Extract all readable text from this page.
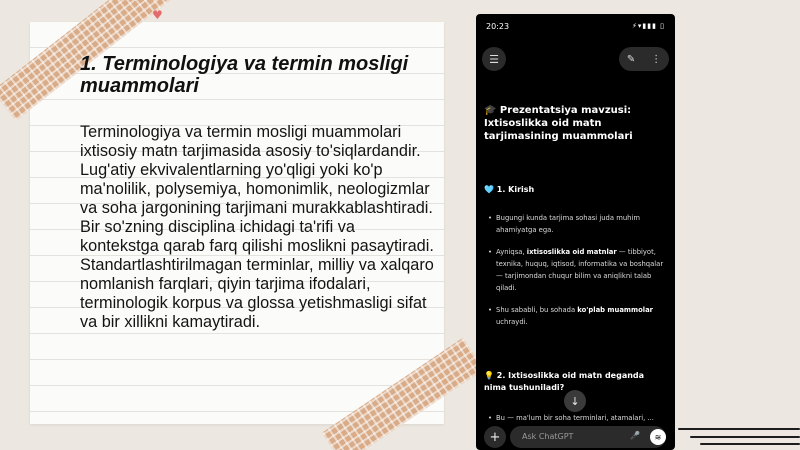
♥
1. Terminologiya va termin mosligi muammolari
Terminologiya va termin mosligi muammolari ixtisosiy matn tarjimasida asosiy to'siqlardandir. Lug'atiy ekvivalentlarning yo'qligi yoki ko'p ma'nolilik, polysemiya, homonimlik, neologizmlar va soha jargonining tarjimani murakkablashtiradi. Bir so'zning disciplina ichidagi ta'rifi va kontekstga qarab farq qilishi moslikni pasaytiradi. Standartlashtirilmagan terminlar, milliy va xalqaro nomlanish farqlari, qiyin tarjima ifodalari, terminologik korpus va glossa yetishmasligi sifat va bir xillikni kamaytiradi.
20:23	⚡▾▮▮▮ ▯
☰	✎ ⋮
🎓 Prezentatsiya mavzusi: Ixtisoslikka oid matn tarjimasining muammolari
🩵 1. Kirish
• Bugungi kunda tarjima sohasi juda muhim ahamiyatga ega.
• Ayniqsa, ixtisoslikka oid matnlar — tibbiyot, texnika, huquq, iqtisod, informatika va boshqalar — tarjimondan chuqur bilim va aniqlikni talab qiladi.
• Shu sababli, bu sohada ko'plab muammolar uchraydi.
💡 2. Ixtisoslikka oid matn deganda nima tushuniladi?
• Bu — ma'lum bir soha terminlari, atamalari, ...
↓
+	Ask ChatGPT	🎤 ≋
